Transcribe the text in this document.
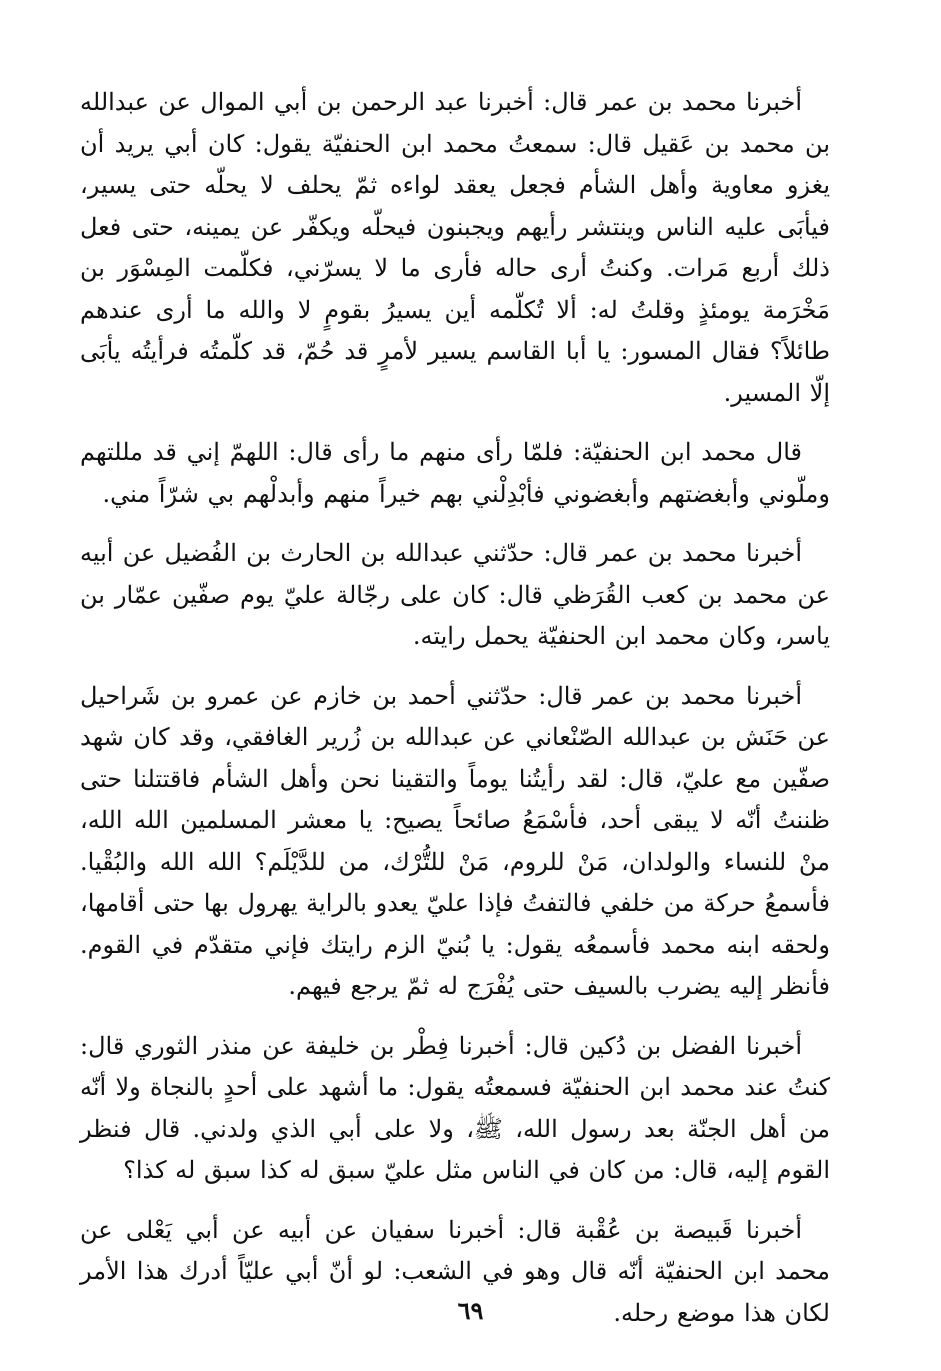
أخبرنا محمد بن عمر قال: أخبرنا عبد الرحمن بن أبي الموال عن عبدالله بن محمد بن عَقيل قال: سمعتُ محمد ابن الحنفيّة يقول: كان أبي يريد أن يغزو معاوية وأهل الشأم فجعل يعقد لواءه ثمّ يحلف لا يحلّه حتى يسير، فيأبَى عليه الناس وينتشر رأيهم ويجبنون فيحلّه ويكفّر عن يمينه، حتى فعل ذلك أربع مَرات. وكنتُ أرى حاله فأرى ما لا يسرّني، فكلّمت المِسْوَر بن مَخْرَمة يومئذٍ وقلتُ له: ألا تُكلّمه أين يسيرُ بقومٍ لا والله ما أرى عندهم طائلاً؟ فقال المسور: يا أبا القاسم يسير لأمرٍ قد حُمّ، قد كلّمتُه فرأيتُه يأبَى إلّا المسير.

قال محمد ابن الحنفيّة: فلمّا رأى منهم ما رأى قال: اللهمّ إني قد مللتهم وملّوني وأبغضتهم وأبغضوني فأبْدِلْني بهم خيراً منهم وأبدلْهم بي شرّاً مني.

أخبرنا محمد بن عمر قال: حدّثني عبدالله بن الحارث بن الفُضيل عن أبيه عن محمد بن كعب القُرَظي قال: كان على رجّالة عليّ يوم صفّين عمّار بن ياسر، وكان محمد ابن الحنفيّة يحمل رايته.

أخبرنا محمد بن عمر قال: حدّثني أحمد بن خازم عن عمرو بن شَراحيل عن حَنَش بن عبدالله الصّنْعاني عن عبدالله بن زُرير الغافقي، وقد كان شهد صفّين مع عليّ، قال: لقد رأيتُنا يوماً والتقينا نحن وأهل الشأم فاقتتلنا حتى ظننتُ أنّه لا يبقى أحد، فأسْمَعُ صائحاً يصيح: يا معشر المسلمين الله الله، منْ للنساء والولدان، مَنْ للروم، مَنْ للتُّرْك، من للدَّيْلَم؟ الله الله والبُقْيا. فأسمعُ حركة من خلفي فالتفتُ فإذا عليّ يعدو بالراية يهرول بها حتى أقامها، ولحقه ابنه محمد فأسمعُه يقول: يا بُنيّ الزم رايتك فإني متقدّم في القوم. فأنظر إليه يضرب بالسيف حتى يُفْرَج له ثمّ يرجع فيهم.

أخبرنا الفضل بن دُكين قال: أخبرنا فِطْر بن خليفة عن منذر الثوري قال: كنتُ عند محمد ابن الحنفيّة فسمعتُه يقول: ما أشهد على أحدٍ بالنجاة ولا أنّه من أهل الجنّة بعد رسول الله، ﷺ، ولا على أبي الذي ولدني. قال فنظر القوم إليه، قال: من كان في الناس مثل عليّ سبق له كذا سبق له كذا؟

أخبرنا قَبيصة بن عُقْبة قال: أخبرنا سفيان عن أبيه عن أبي يَعْلى عن محمد ابن الحنفيّة أنّه قال وهو في الشعب: لو أنّ أبي عليّاً أدرك هذا الأمر لكان هذا موضع رحله.

٦٩
